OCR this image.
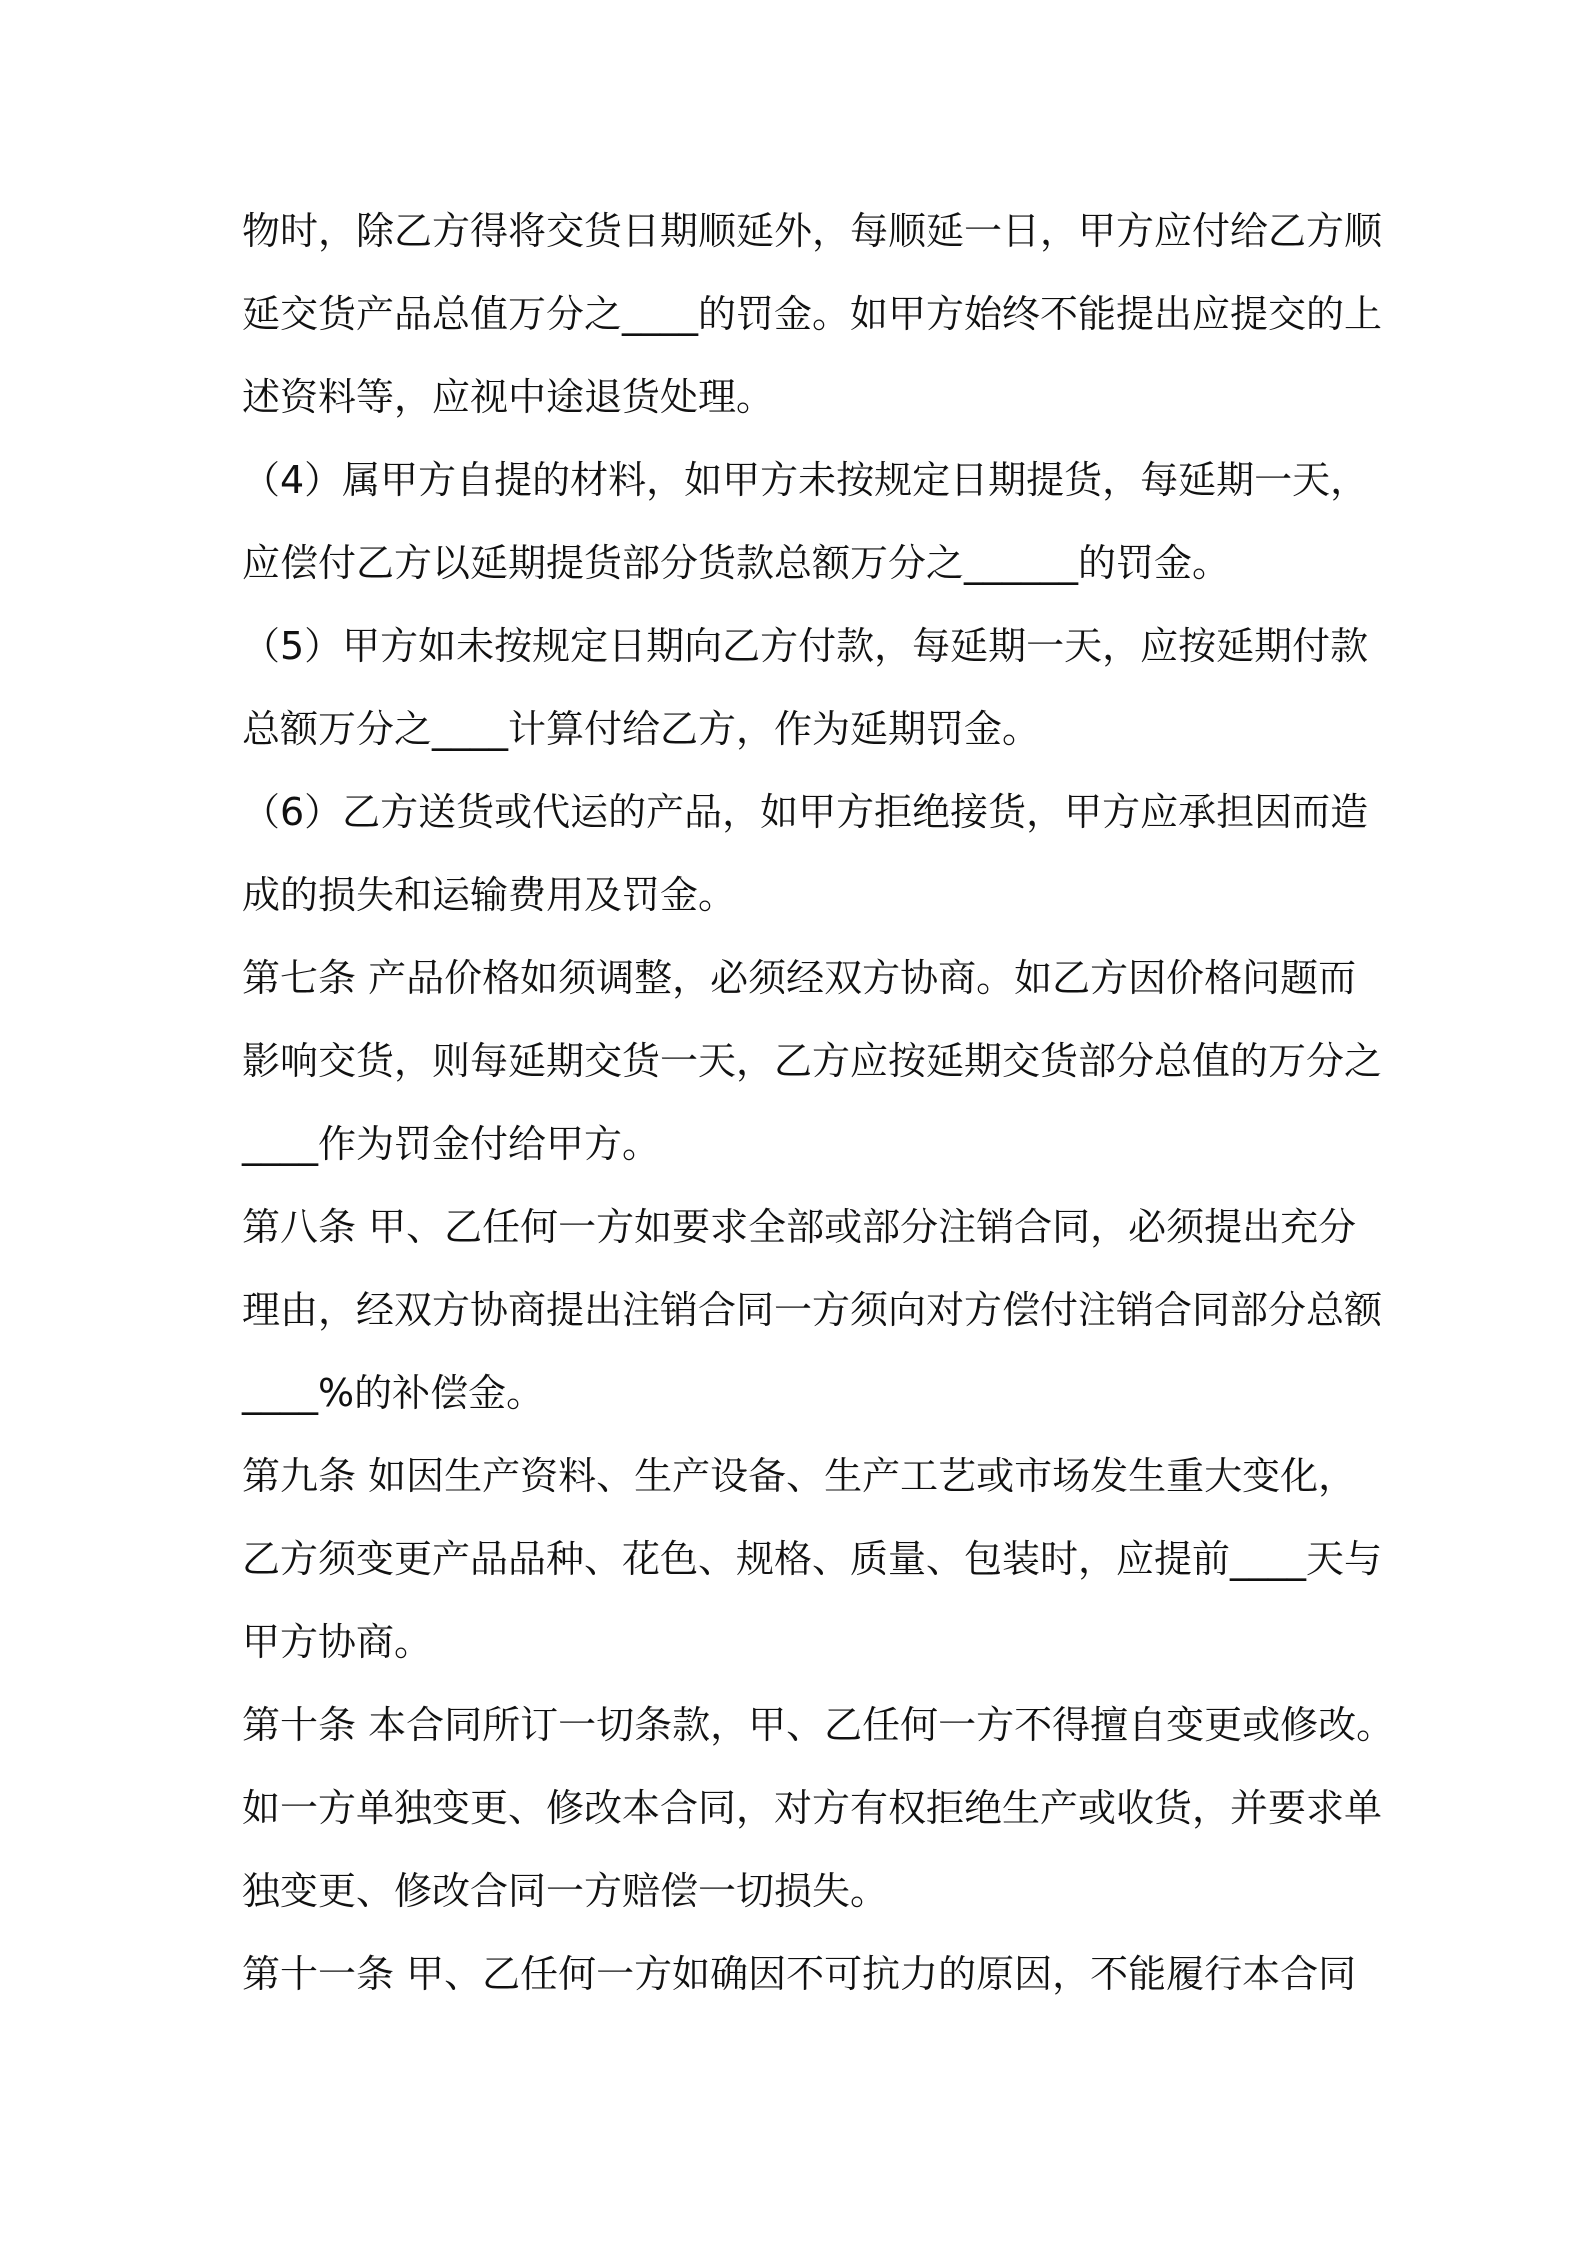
物时，除乙方得将交货日期顺延外，每顺延一日，甲方应付给乙方顺
延交货产品总值万分之____的罚金。如甲方始终不能提出应提交的上
述资料等，应视中途退货处理。
（4）属甲方自提的材料，如甲方未按规定日期提货，每延期一天，
应偿付乙方以延期提货部分货款总额万分之______的罚金。
（5）甲方如未按规定日期向乙方付款，每延期一天，应按延期付款
总额万分之____计算付给乙方，作为延期罚金。
（6）乙方送货或代运的产品，如甲方拒绝接货，甲方应承担因而造
成的损失和运输费用及罚金。
第七条 产品价格如须调整，必须经双方协商。如乙方因价格问题而
影响交货，则每延期交货一天，乙方应按延期交货部分总值的万分之
____作为罚金付给甲方。
第八条 甲、乙任何一方如要求全部或部分注销合同，必须提出充分
理由，经双方协商提出注销合同一方须向对方偿付注销合同部分总额
____%的补偿金。
第九条 如因生产资料、生产设备、生产工艺或市场发生重大变化，
乙方须变更产品品种、花色、规格、质量、包装时，应提前____天与
甲方协商。
第十条 本合同所订一切条款，甲、乙任何一方不得擅自变更或修改。
如一方单独变更、修改本合同，对方有权拒绝生产或收货，并要求单
独变更、修改合同一方赔偿一切损失。
第十一条 甲、乙任何一方如确因不可抗力的原因，不能履行本合同
